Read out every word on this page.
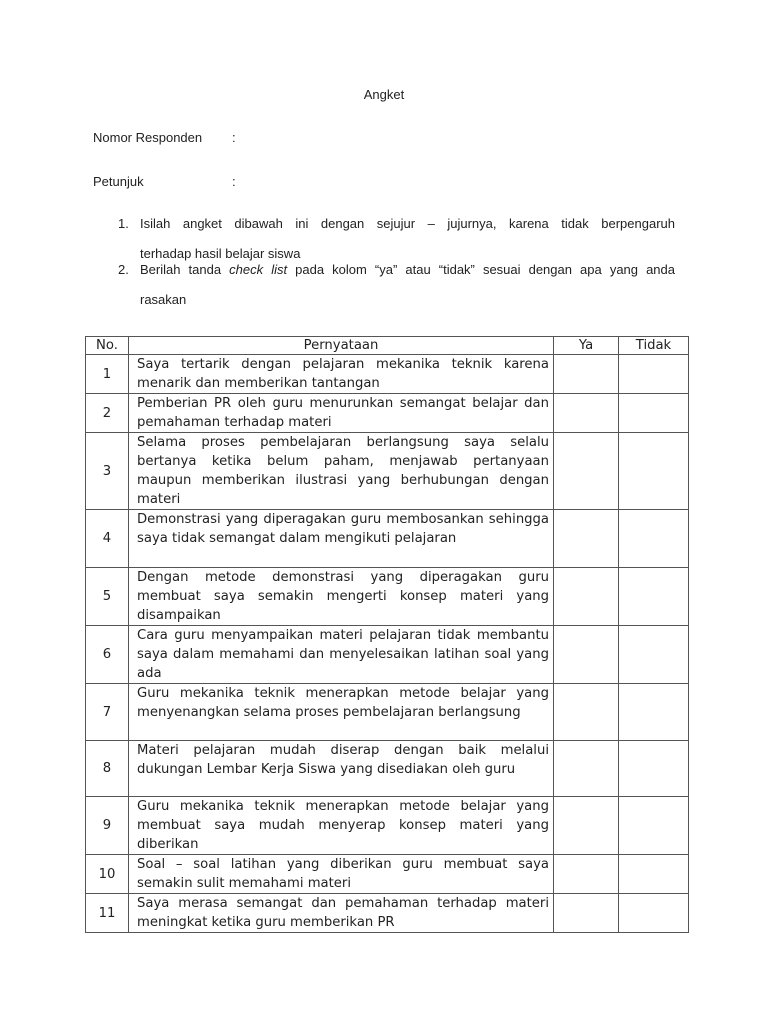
Angket
Nomor Responden :
Petunjuk	:
1. Isilah angket dibawah ini dengan sejujur – jujurnya, karena tidak berpengaruh
terhadap hasil belajar siswa
2. Berilah tanda check list pada kolom “ya” atau “tidak” sesuai dengan apa yang anda
rasakan
No.	Pernyataan	Ya	Tidak
1	Saya tertarik dengan pelajaran mekanika teknik karena menarik dan memberikan tantangan		
2	Pemberian PR oleh guru menurunkan semangat belajar dan pemahaman terhadap materi		
3	Selama proses pembelajaran berlangsung saya selalu bertanya ketika belum paham, menjawab pertanyaan maupun memberikan ilustrasi yang berhubungan dengan materi		
4	Demonstrasi yang diperagakan guru membosankan sehingga saya tidak semangat dalam mengikuti pelajaran		
5	Dengan metode demonstrasi yang diperagakan guru membuat saya semakin mengerti konsep materi yang disampaikan		
6	Cara guru menyampaikan materi pelajaran tidak membantu saya dalam memahami dan menyelesaikan latihan soal yang ada		
7	Guru mekanika teknik menerapkan metode belajar yang menyenangkan selama proses pembelajaran berlangsung		
8	Materi pelajaran mudah diserap dengan baik melalui dukungan Lembar Kerja Siswa yang disediakan oleh guru		
9	Guru mekanika teknik menerapkan metode belajar yang membuat saya mudah menyerap konsep materi yang diberikan		
10	Soal – soal latihan yang diberikan guru membuat saya semakin sulit memahami materi		
11	Saya merasa semangat dan pemahaman terhadap materi meningkat ketika guru memberikan PR		
